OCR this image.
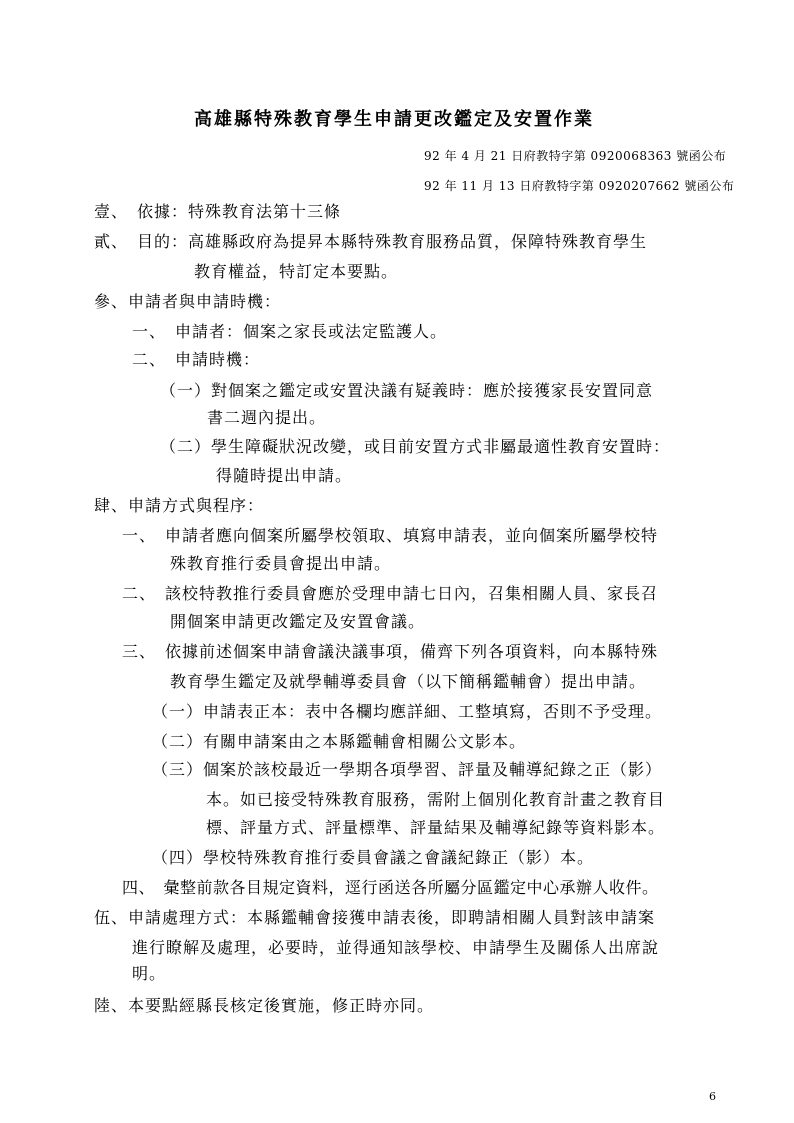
高雄縣特殊教育學生申請更改鑑定及安置作業
92 年 4 月 21 日府教特字第 0920068363 號函公布
92 年 11 月 13 日府教特字第 0920207662 號函公布
壹、　依據：特殊教育法第十三條
貳、　目的：高雄縣政府為提昇本縣特殊教育服務品質，保障特殊教育學生
教育權益，特訂定本要點。
參、申請者與申請時機：
一、　申請者：個案之家長或法定監護人。
二、　申請時機：
（一）對個案之鑑定或安置決議有疑義時：應於接獲家長安置同意
書二週內提出。
（二）學生障礙狀況改變，或目前安置方式非屬最適性教育安置時：
得隨時提出申請。
肆、申請方式與程序：
一、　申請者應向個案所屬學校領取、填寫申請表，並向個案所屬學校特
殊教育推行委員會提出申請。
二、　該校特教推行委員會應於受理申請七日內，召集相關人員、家長召
開個案申請更改鑑定及安置會議。
三、　依據前述個案申請會議決議事項，備齊下列各項資料，向本縣特殊
教育學生鑑定及就學輔導委員會（以下簡稱鑑輔會）提出申請。
（一）申請表正本：表中各欄均應詳細、工整填寫，否則不予受理。
（二）有關申請案由之本縣鑑輔會相關公文影本。
（三）個案於該校最近一學期各項學習、評量及輔導紀錄之正（影）
本。如已接受特殊教育服務，需附上個別化教育計畫之教育目
標、評量方式、評量標準、評量結果及輔導紀錄等資料影本。
（四）學校特殊教育推行委員會議之會議紀錄正（影）本。
四、　彙整前款各目規定資料，逕行函送各所屬分區鑑定中心承辦人收件。
伍、申請處理方式：本縣鑑輔會接獲申請表後，即聘請相關人員對該申請案
進行瞭解及處理，必要時，並得通知該學校、申請學生及關係人出席說
明。
陸、本要點經縣長核定後實施，修正時亦同。
6
